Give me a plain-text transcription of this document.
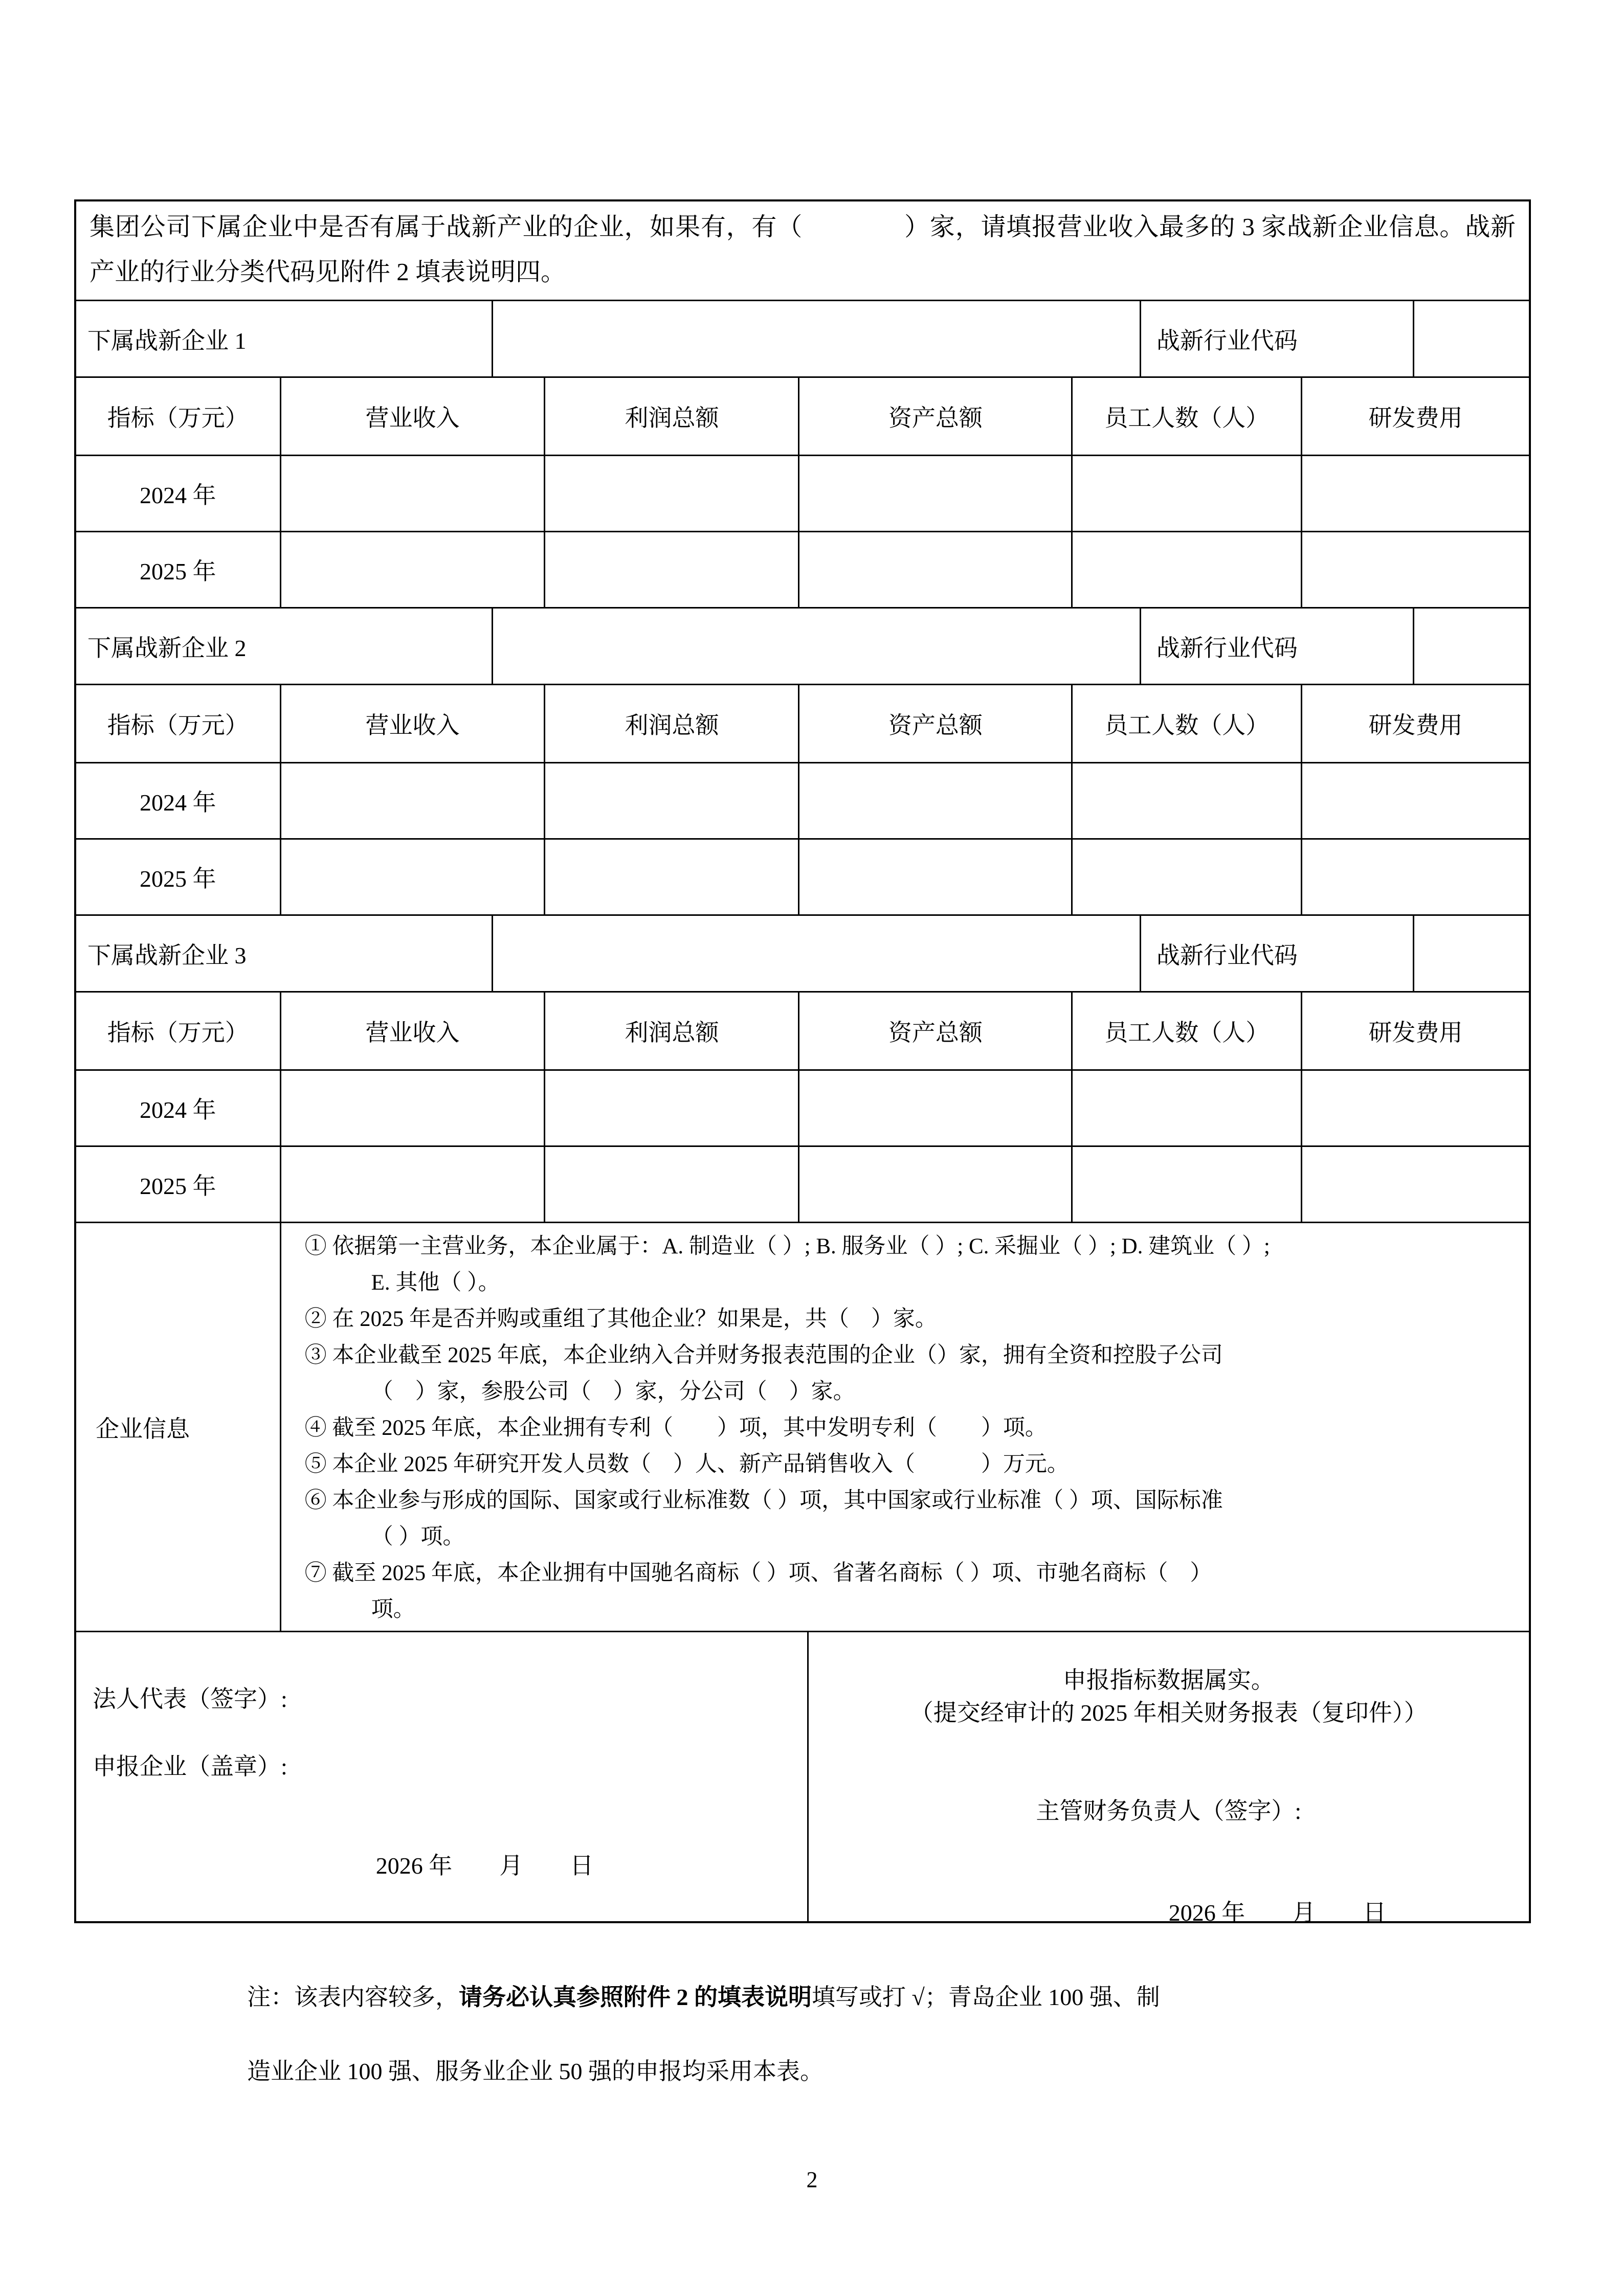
集团公司下属企业中是否有属于战新产业的企业，如果有，有（　　　　）家，请填报营业收入最多的 3 家战新企业信息。战新产业的行业分类代码见附件 2 填表说明四。
下属战新企业 1	战新行业代码
指标（万元）	营业收入	利润总额	资产总额	员工人数（人）	研发费用
2024 年
2025 年
下属战新企业 2	战新行业代码
指标（万元）	营业收入	利润总额	资产总额	员工人数（人）	研发费用
2024 年
2025 年
下属战新企业 3	战新行业代码
指标（万元）	营业收入	利润总额	资产总额	员工人数（人）	研发费用
2024 年
2025 年
企业信息
① 依据第一主营业务，本企业属于：A. 制造业（ ）; B. 服务业（ ）; C. 采掘业（ ）; D. 建筑业（ ）;
E. 其他（ ）。
② 在 2025 年是否并购或重组了其他企业？如果是，共（　）家。
③ 本企业截至 2025 年底，本企业纳入合并财务报表范围的企业（）家，拥有全资和控股子公司
（　）家，参股公司（　）家，分公司（　）家。
④ 截至 2025 年底，本企业拥有专利（　　）项，其中发明专利（　　）项。
⑤ 本企业 2025 年研究开发人员数（　）人、新产品销售收入（　　　）万元。
⑥ 本企业参与形成的国际、国家或行业标准数（ ）项，其中国家或行业标准（ ）项、国际标准
（ ）项。
⑦ 截至 2025 年底，本企业拥有中国驰名商标（ ）项、省著名商标（ ）项、市驰名商标（　）
项。
法人代表（签字）:
申报企业（盖章）:
2026 年　　月　　日
申报指标数据属实。
（提交经审计的 2025 年相关财务报表（复印件））
主管财务负责人（签字）:
2026 年　　月　　日
注：该表内容较多，请务必认真参照附件 2 的填表说明填写或打 √；青岛企业 100 强、制
造业企业 100 强、服务业企业 50 强的申报均采用本表。
2
